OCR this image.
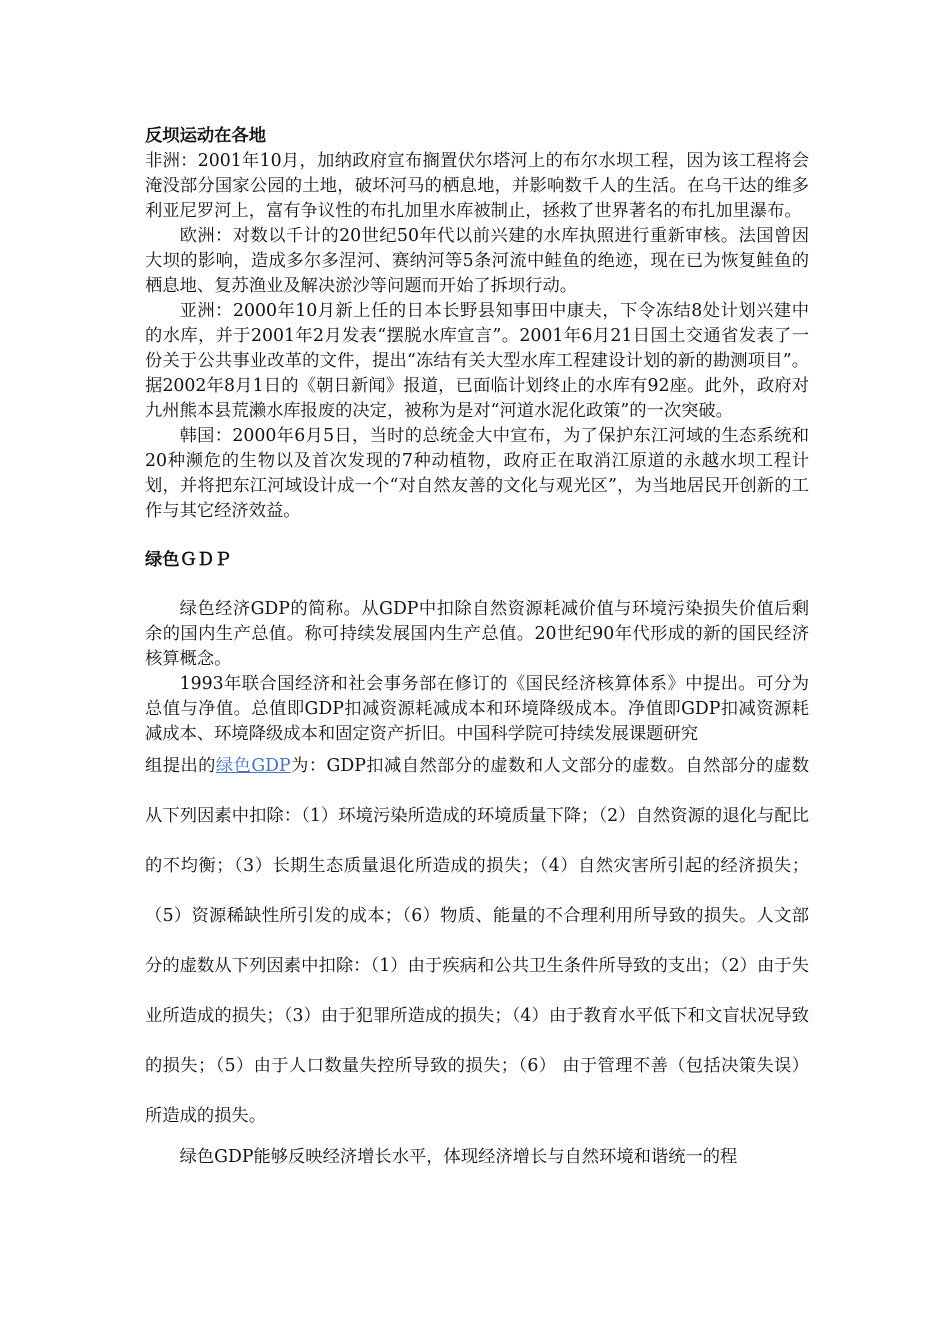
反坝运动在各地

非洲：2001年10月，加纳政府宣布搁置伏尔塔河上的布尔水坝工程，因为该工程将会淹没部分国家公园的土地，破坏河马的栖息地，并影响数千人的生活。在乌干达的维多利亚尼罗河上，富有争议性的布扎加里水库被制止，拯救了世界著名的布扎加里瀑布。

欧洲：对数以千计的20世纪50年代以前兴建的水库执照进行重新审核。法国曾因大坝的影响，造成多尔多涅河、赛纳河等5条河流中鲑鱼的绝迹，现在已为恢复鲑鱼的栖息地、复苏渔业及解决淤沙等问题而开始了拆坝行动。

亚洲：2000年10月新上任的日本长野县知事田中康夫，下令冻结8处计划兴建中的水库，并于2001年2月发表“摆脱水库宣言”。2001年6月21日国土交通省发表了一份关于公共事业改革的文件，提出“冻结有关大型水库工程建设计划的新的勘测项目”。据2002年8月1日的《朝日新闻》报道，已面临计划终止的水库有92座。此外，政府对九州熊本县荒濑水库报废的决定，被称为是对“河道水泥化政策”的一次突破。

韩国：2000年6月5日，当时的总统金大中宣布，为了保护东江河域的生态系统和20种濒危的生物以及首次发现的7种动植物，政府正在取消江原道的永越水坝工程计划，并将把东江河域设计成一个“对自然友善的文化与观光区”，为当地居民开创新的工作与其它经济效益。

绿色ＧＤＰ

绿色经济GDP的简称。从GDP中扣除自然资源耗减价值与环境污染损失价值后剩余的国内生产总值。称可持续发展国内生产总值。20世纪90年代形成的新的国民经济核算概念。

1993年联合国经济和社会事务部在修订的《国民经济核算体系》中提出。可分为总值与净值。总值即GDP扣减资源耗减成本和环境降级成本。净值即GDP扣减资源耗减成本、环境降级成本和固定资产折旧。中国科学院可持续发展课题研究

组提出的绿色GDP为：GDP扣减自然部分的虚数和人文部分的虚数。自然部分的虚数从下列因素中扣除：（1）环境污染所造成的环境质量下降；（2）自然资源的退化与配比的不均衡；（3）长期生态质量退化所造成的损失；（4）自然灾害所引起的经济损失；（5）资源稀缺性所引发的成本；（6）物质、能量的不合理利用所导致的损失。人文部分的虚数从下列因素中扣除：（1）由于疾病和公共卫生条件所导致的支出；（2）由于失业所造成的损失；（3）由于犯罪所造成的损失；（4）由于教育水平低下和文盲状况导致的损失；（5）由于人口数量失控所导致的损失；（6） 由于管理不善（包括决策失误）所造成的损失。

绿色GDP能够反映经济增长水平，体现经济增长与自然环境和谐统一的程
